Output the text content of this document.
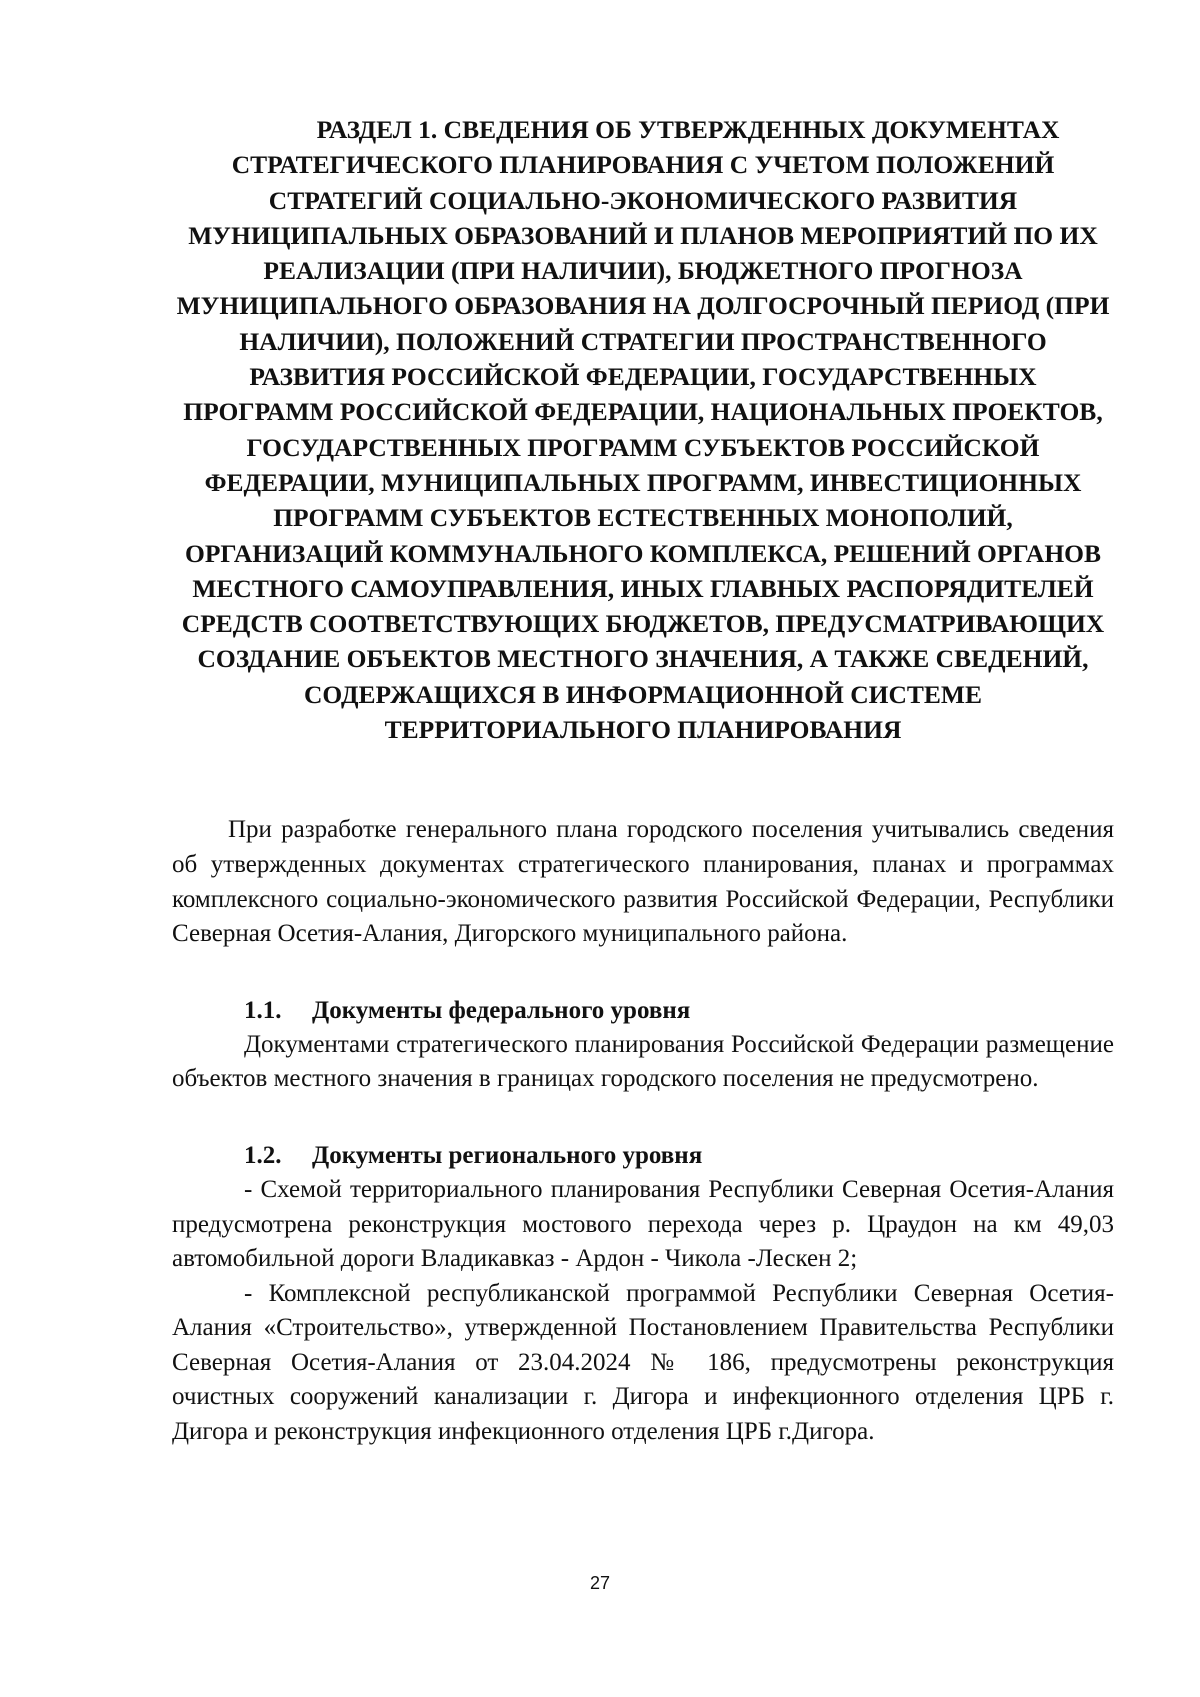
РАЗДЕЛ 1. СВЕДЕНИЯ ОБ УТВЕРЖДЕННЫХ ДОКУМЕНТАХ СТРАТЕГИЧЕСКОГО ПЛАНИРОВАНИЯ С УЧЕТОМ ПОЛОЖЕНИЙ СТРАТЕГИЙ СОЦИАЛЬНО-ЭКОНОМИЧЕСКОГО РАЗВИТИЯ МУНИЦИПАЛЬНЫХ ОБРАЗОВАНИЙ И ПЛАНОВ МЕРОПРИЯТИЙ ПО ИХ РЕАЛИЗАЦИИ (ПРИ НАЛИЧИИ), БЮДЖЕТНОГО ПРОГНОЗА МУНИЦИПАЛЬНОГО ОБРАЗОВАНИЯ НА ДОЛГОСРОЧНЫЙ ПЕРИОД (ПРИ НАЛИЧИИ), ПОЛОЖЕНИЙ СТРАТЕГИИ ПРОСТРАНСТВЕННОГО РАЗВИТИЯ РОССИЙСКОЙ ФЕДЕРАЦИИ, ГОСУДАРСТВЕННЫХ ПРОГРАММ РОССИЙСКОЙ ФЕДЕРАЦИИ, НАЦИОНАЛЬНЫХ ПРОЕКТОВ, ГОСУДАРСТВЕННЫХ ПРОГРАММ СУБЪЕКТОВ РОССИЙСКОЙ ФЕДЕРАЦИИ, МУНИЦИПАЛЬНЫХ ПРОГРАММ, ИНВЕСТИЦИОННЫХ ПРОГРАММ СУБЪЕКТОВ ЕСТЕСТВЕННЫХ МОНОПОЛИЙ, ОРГАНИЗАЦИЙ КОММУНАЛЬНОГО КОМПЛЕКСА, РЕШЕНИЙ ОРГАНОВ МЕСТНОГО САМОУПРАВЛЕНИЯ, ИНЫХ ГЛАВНЫХ РАСПОРЯДИТЕЛЕЙ СРЕДСТВ СООТВЕТСТВУЮЩИХ БЮДЖЕТОВ, ПРЕДУСМАТРИВАЮЩИХ СОЗДАНИЕ ОБЪЕКТОВ МЕСТНОГО ЗНАЧЕНИЯ, А ТАКЖЕ СВЕДЕНИЙ, СОДЕРЖАЩИХСЯ В ИНФОРМАЦИОННОЙ СИСТЕМЕ ТЕРРИТОРИАЛЬНОГО ПЛАНИРОВАНИЯ

При разработке генерального плана городского поселения учитывались сведения об утвержденных документах стратегического планирования, планах и программах комплексного социально-экономического развития Российской Федерации, Республики Северная Осетия-Алания, Дигорского муниципального района.

1.1.	Документы федерального уровня

Документами стратегического планирования Российской Федерации размещение объектов местного значения в границах городского поселения не предусмотрено.

1.2.	Документы регионального уровня

- Схемой территориального планирования Республики Северная Осетия-Алания предусмотрена реконструкция мостового перехода через р. Цраудон на км 49,03 автомобильной дороги Владикавказ - Ардон - Чикола -Лескен 2;

- Комплексной республиканской программой Республики Северная Осетия-Алания «Строительство», утвержденной Постановлением Правительства Республики Северная Осетия-Алания от 23.04.2024 № 186, предусмотрены реконструкция очистных сооружений канализации г. Дигора и инфекционного отделения ЦРБ г. Дигора и реконструкция инфекционного отделения ЦРБ г.Дигора.

27
